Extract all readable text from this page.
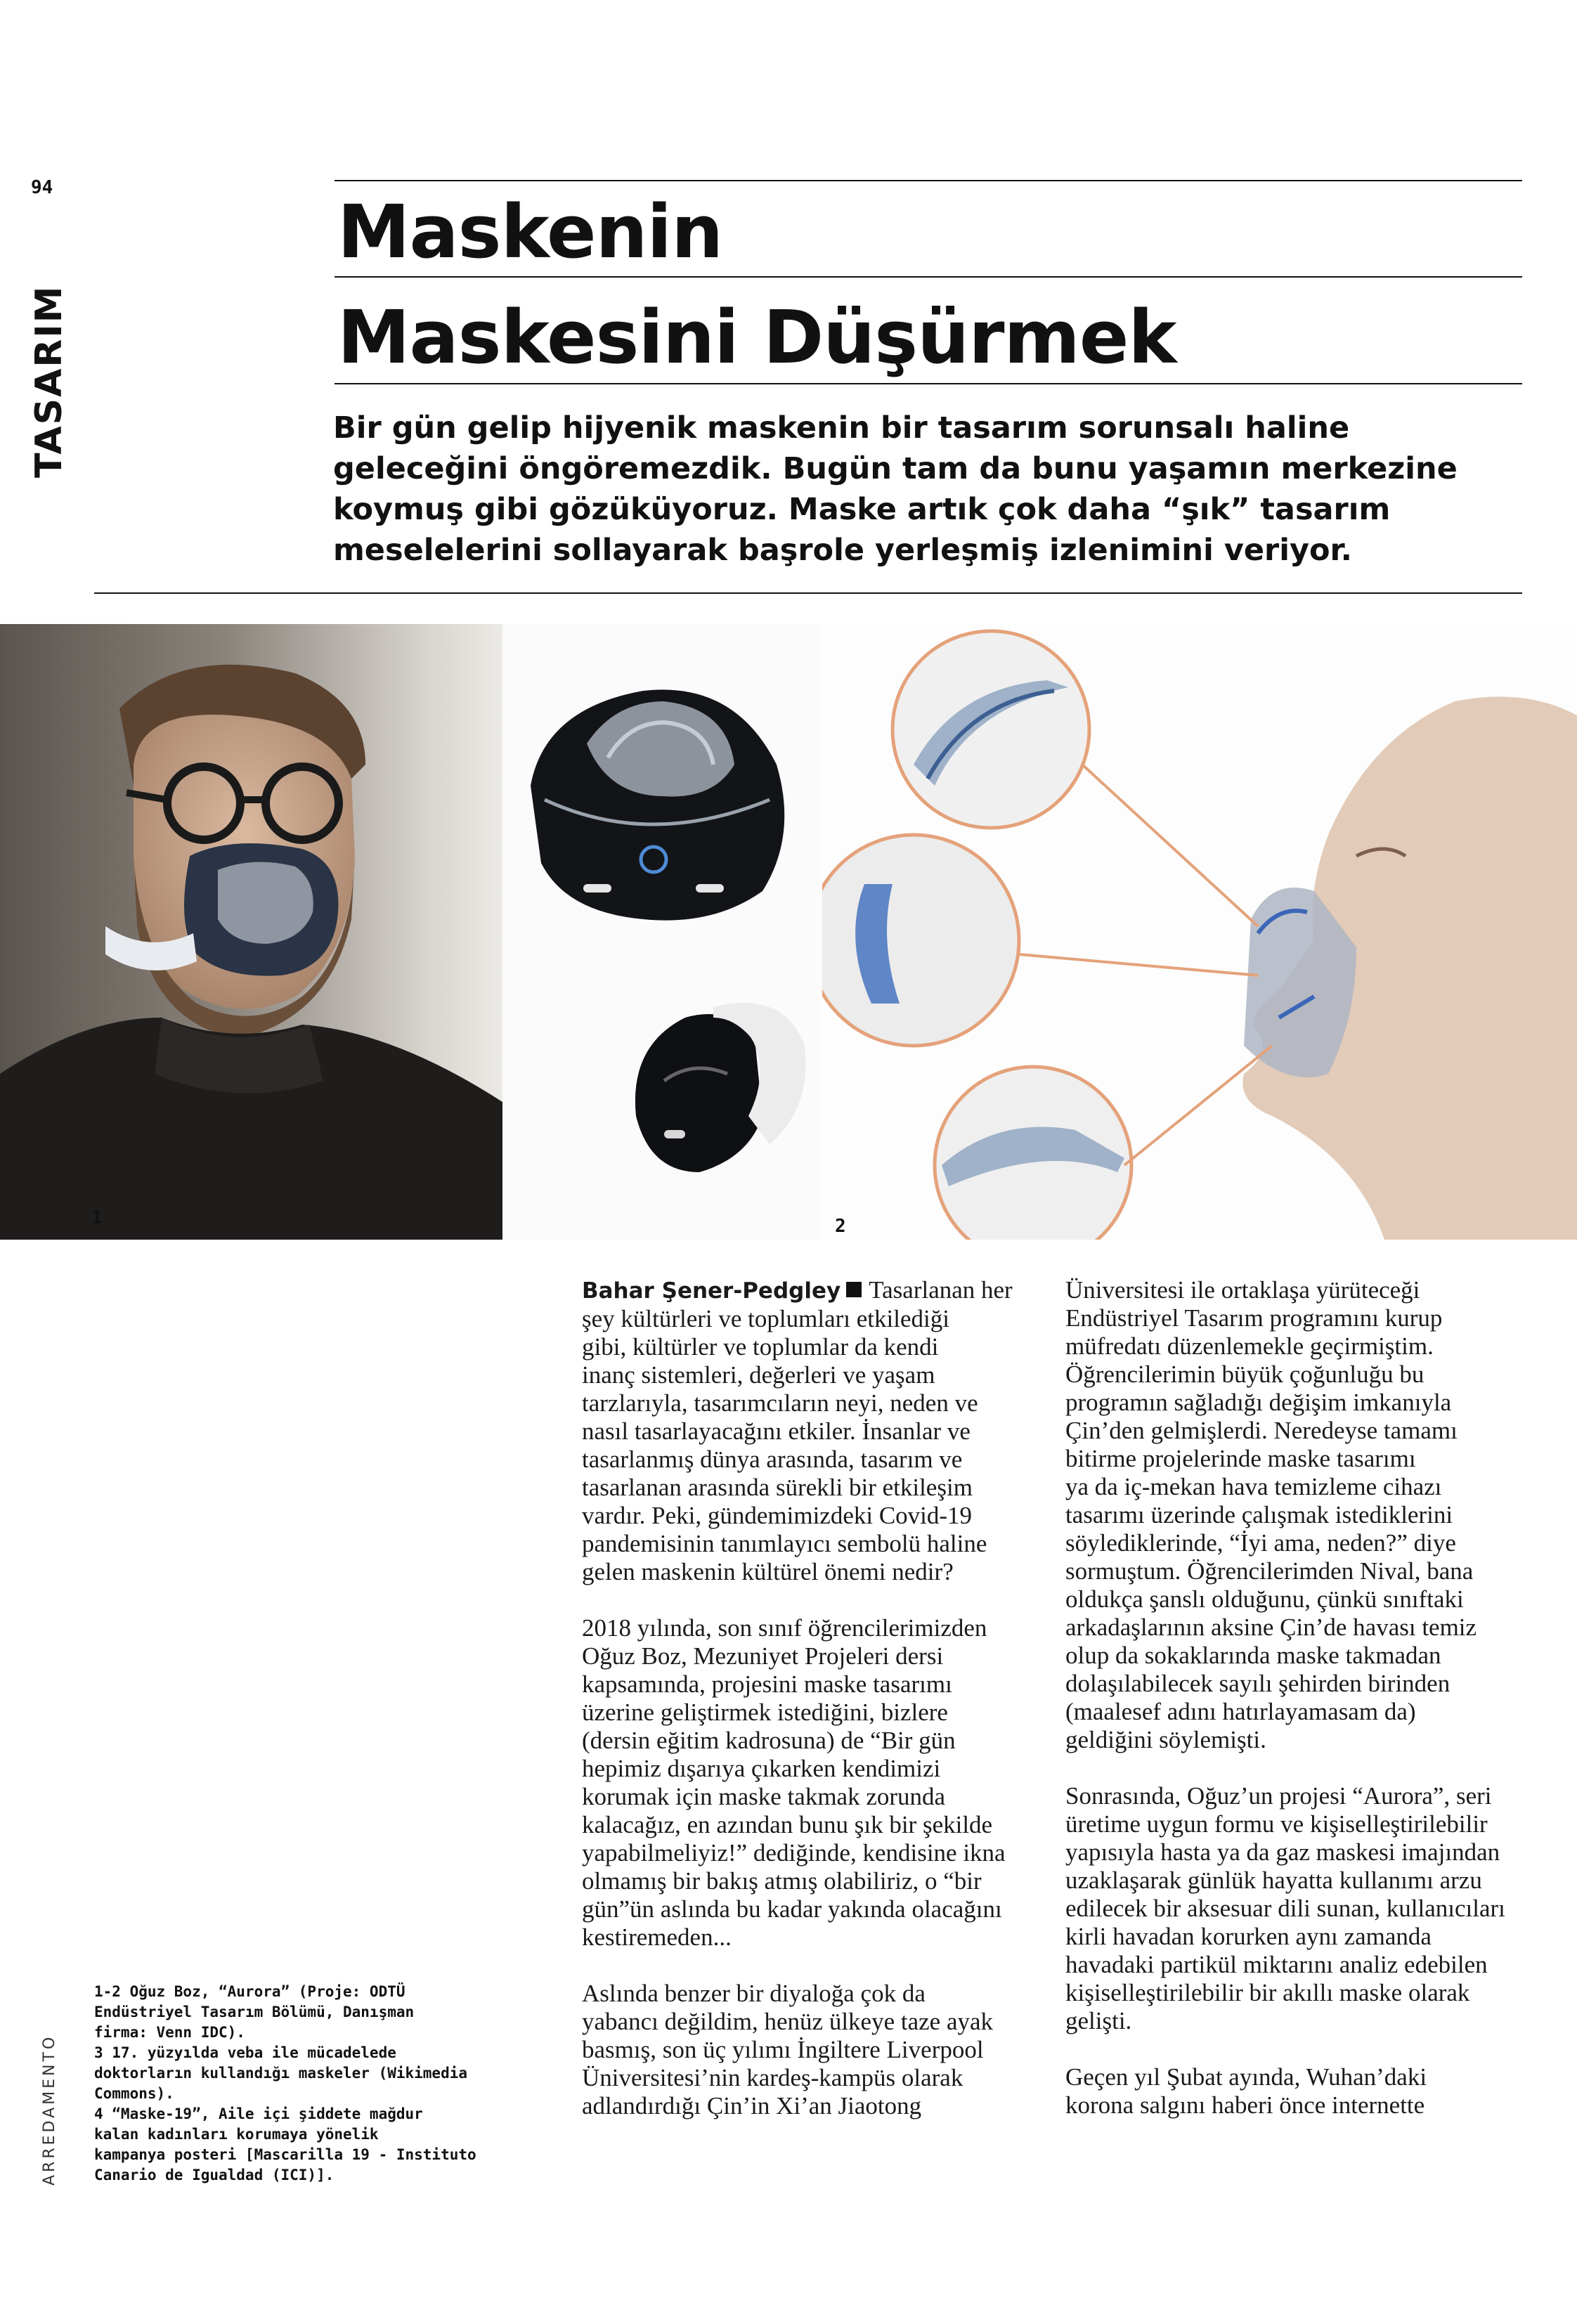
TASARIM
94
ARREDAMENTO
Maskenin
Maskesini Düşürmek
Bir gün gelip hijyenik maskenin bir tasarım sorunsalı haline
geleceğini öngöremezdik. Bugün tam da bunu yaşamın merkezine
koymuş gibi gözüküyoruz. Maske artık çok daha “şık” tasarım
meselelerini sollayarak başrole yerleşmiş izlenimini veriyor.
1	2
1-2 Oğuz Boz, “Aurora” (Proje: ODTÜ
Endüstriyel Tasarım Bölümü, Danışman
firma: Venn IDC).
3 17. yüzyılda veba ile mücadelede
doktorların kullandığı maskeler (Wikimedia
Commons).
4 “Maske-19”, Aile içi şiddete mağdur
kalan kadınları korumaya yönelik
kampanya posteri [Mascarilla 19 - Instituto
Canario de Igualdad (ICI)].

Bahar Şener-Pedgley Tasarlanan her
şey kültürleri ve toplumları etkilediği
gibi, kültürler ve toplumlar da kendi
inanç sistemleri, değerleri ve yaşam
tarzlarıyla, tasarımcıların neyi, neden ve
nasıl tasarlayacağını etkiler. İnsanlar ve
tasarlanmış dünya arasında, tasarım ve
tasarlanan arasında sürekli bir etkileşim
vardır. Peki, gündemimizdeki Covid-19
pandemisinin tanımlayıcı sembolü haline
gelen maskenin kültürel önemi nedir?

2018 yılında, son sınıf öğrencilerimizden
Oğuz Boz, Mezuniyet Projeleri dersi
kapsamında, projesini maske tasarımı
üzerine geliştirmek istediğini, bizlere
(dersin eğitim kadrosuna) de “Bir gün
hepimiz dışarıya çıkarken kendimizi
korumak için maske takmak zorunda
kalacağız, en azından bunu şık bir şekilde
yapabilmeliyiz!” dediğinde, kendisine ikna
olmamış bir bakış atmış olabiliriz, o “bir
gün”ün aslında bu kadar yakında olacağını
kestiremeden...

Aslında benzer bir diyaloğa çok da
yabancı değildim, henüz ülkeye taze ayak
basmış, son üç yılımı İngiltere Liverpool
Üniversitesi’nin kardeş-kampüs olarak
adlandırdığı Çin’in Xi’an Jiaotong

Üniversitesi ile ortaklaşa yürüteceği
Endüstriyel Tasarım programını kurup
müfredatı düzenlemekle geçirmiştim.
Öğrencilerimin büyük çoğunluğu bu
programın sağladığı değişim imkanıyla
Çin’den gelmişlerdi. Neredeyse tamamı
bitirme projelerinde maske tasarımı
ya da iç-mekan hava temizleme cihazı
tasarımı üzerinde çalışmak istediklerini
söylediklerinde, “İyi ama, neden?” diye
sormuştum. Öğrencilerimden Nival, bana
oldukça şanslı olduğunu, çünkü sınıftaki
arkadaşlarının aksine Çin’de havası temiz
olup da sokaklarında maske takmadan
dolaşılabilecek sayılı şehirden birinden
(maalesef adını hatırlayamasam da)
geldiğini söylemişti.

Sonrasında, Oğuz’un projesi “Aurora”, seri
üretime uygun formu ve kişiselleştirilebilir
yapısıyla hasta ya da gaz maskesi imajından
uzaklaşarak günlük hayatta kullanımı arzu
edilecek bir aksesuar dili sunan, kullanıcıları
kirli havadan korurken aynı zamanda
havadaki partikül miktarını analiz edebilen
kişiselleştirilebilir bir akıllı maske olarak
gelişti.

Geçen yıl Şubat ayında, Wuhan’daki
korona salgını haberi önce internette
